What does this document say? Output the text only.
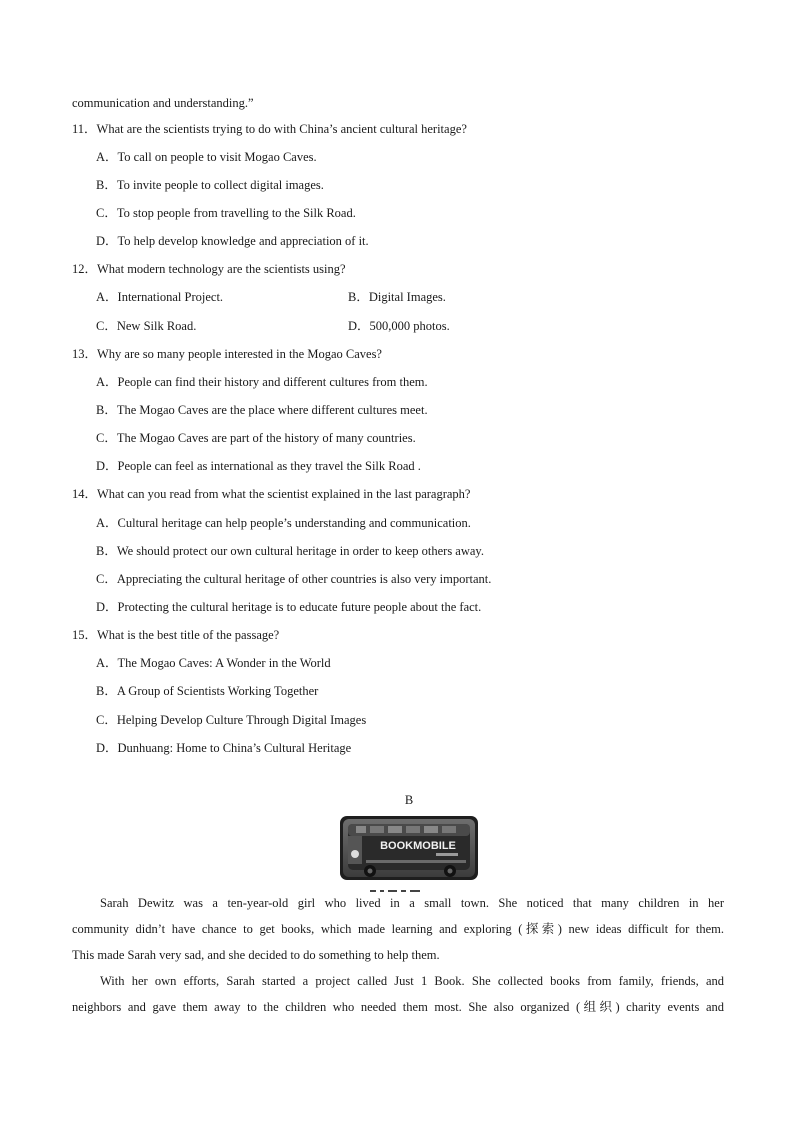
communication and understanding.”
11．What are the scientists trying to do with China’s ancient cultural heritage?
A．To call on people to visit Mogao Caves.
B．To invite people to collect digital images.
C．To stop people from travelling to the Silk Road.
D．To help develop knowledge and appreciation of it.
12．What modern technology are the scientists using?
A．International Project.	B．Digital Images.
C．New Silk Road.	D．500,000 photos.
13．Why are so many people interested in the Mogao Caves?
A．People can find their history and different cultures from them.
B．The Mogao Caves are the place where different cultures meet.
C．The Mogao Caves are part of the history of many countries.
D．People can feel as international as they travel the Silk Road .
14．What can you read from what the scientist explained in the last paragraph?
A．Cultural heritage can help people’s understanding and communication.
B．We should protect our own cultural heritage in order to keep others away.
C．Appreciating the cultural heritage of other countries is also very important.
D．Protecting the cultural heritage is to educate future people about the fact.
15．What is the best title of the passage?
A．The Mogao Caves: A Wonder in the World
B．A Group of Scientists Working Together
C．Helping Develop Culture Through Digital Images
D．Dunhuang: Home to China’s Cultural Heritage
B
BOOKMOBILE
Sarah Dewitz was a ten-year-old girl who lived in a small town. She noticed that many children in her
community didn’t have chance to get books, which made learning and exploring (探索) new ideas difficult for them.
This made Sarah very sad, and she decided to do something to help them.
With her own efforts, Sarah started a project called Just 1 Book. She collected books from family, friends, and
neighbors and gave them away to the children who needed them most. She also organized (组织) charity events and
